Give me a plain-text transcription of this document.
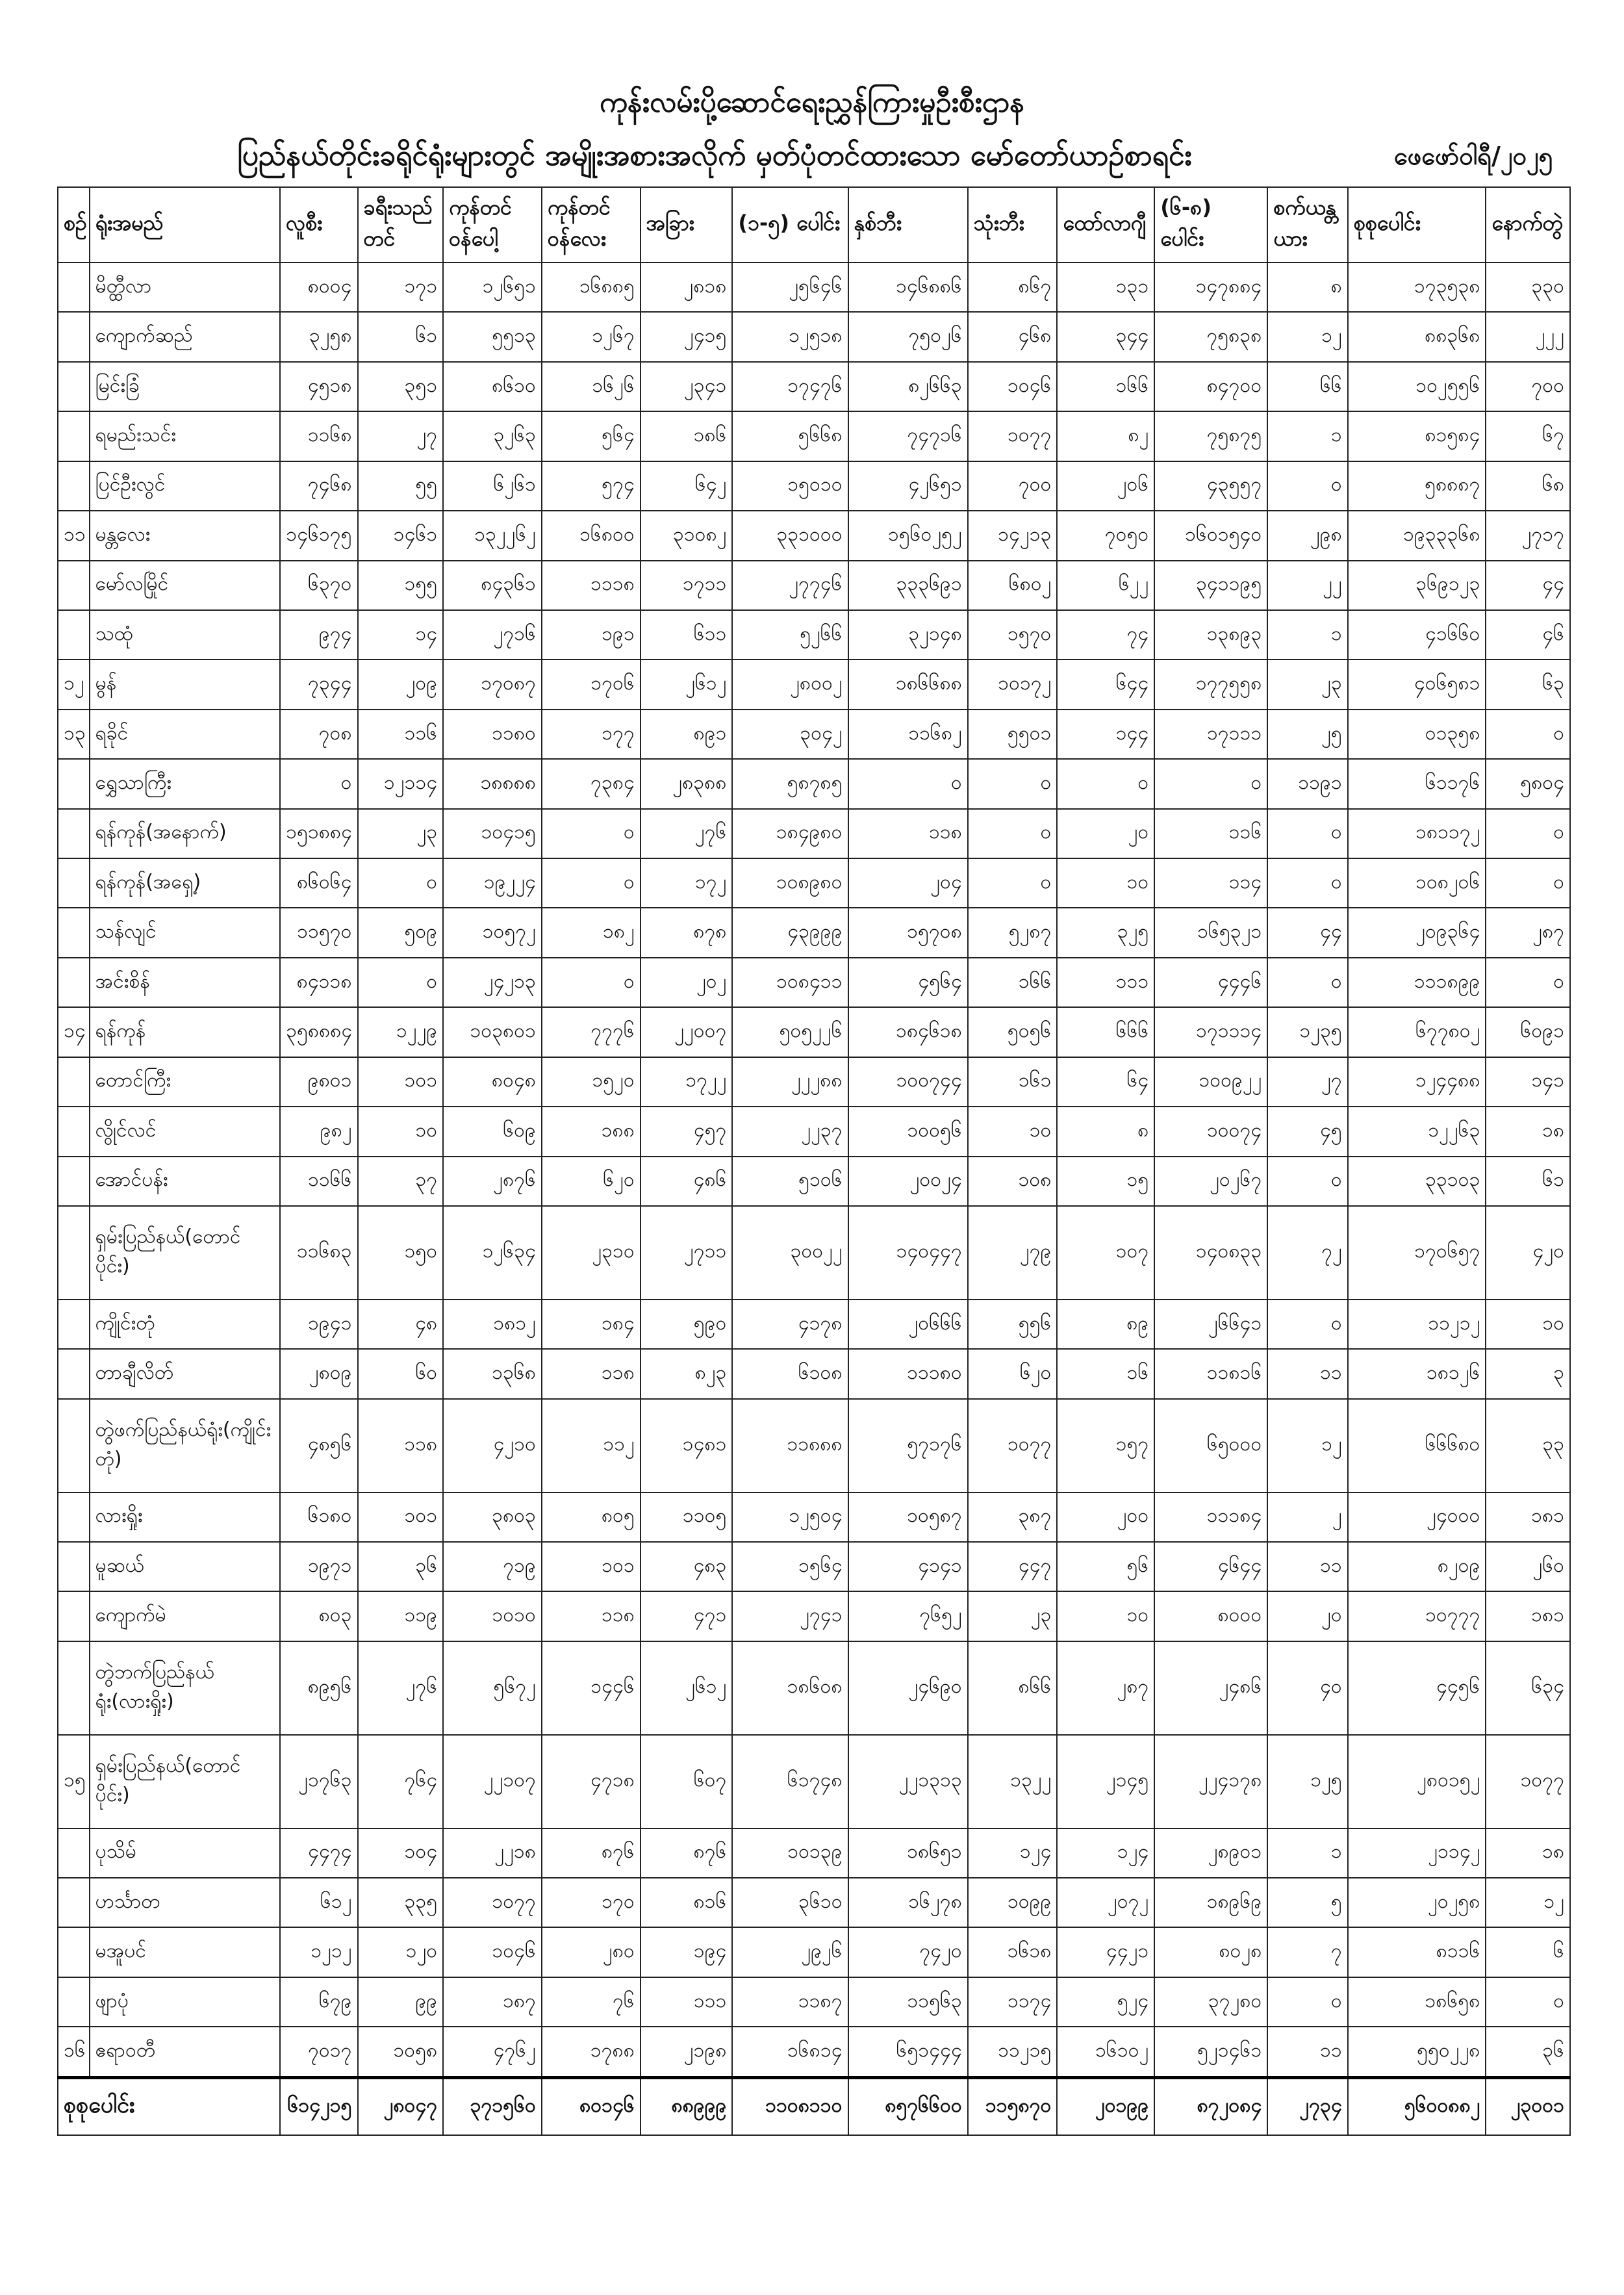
ကုန်းလမ်းပို့ဆောင်ရေးညွှန်ကြားမှုဦးစီးဌာန
ပြည်နယ်တိုင်းခရိုင်ရုံးများတွင် အမျိုးအစားအလိုက် မှတ်ပုံတင်ထားသော မော်တော်ယာဉ်စာရင်း	ဖေဖော်ဝါရီ/၂၀၂၅
စဉ်	ရုံးအမည်	လူစီး	ခရီးသည်တင်	ကုန်တင်ဝန်ပေါ့	ကုန်တင်ဝန်လေး	အခြား	(၁-၅) ပေါင်း	နှစ်ဘီး	သုံးဘီး	ထော်လာဂျီ	(၆-၈) ပေါင်း	စက်ယန္တယား	စုစုပေါင်း	နောက်တွဲ
	မိတ္ထီလာ	၈၀၀၄	၁၇၁	၁၂၆၅၁	၁၆၈၈၅	၂၈၁၈	၂၅၆၄၆	၁၄၆၈၈၆	၈၆၇	၁၃၁	၁၄၇၈၈၄	၈	၁၇၃၅၃၈	၃၃၀
	ကျောက်ဆည်	၃၂၅၈	၆၁	၅၅၁၃	၁၂၆၇	၂၄၁၅	၁၂၅၁၈	၇၅၀၂၆	၄၆၈	၃၄၄	၇၅၈၃၈	၁၂	၈၈၃၆၈	၂၂၂
	မြင်းခြံ	၄၅၁၈	၃၅၁	၈၆၁၀	၁၆၂၆	၂၃၄၁	၁၇၄၇၆	၈၂၆၆၃	၁၀၄၆	၁၆၆	၈၄၇၀၀	၆၆	၁၀၂၅၅၆	၇၀၀
	ရမည်းသင်း	၁၁၆၈	၂၇	၃၂၆၃	၅၆၄	၁၈၆	၅၆၆၈	၇၄၇၁၆	၁၀၇၇	၈၂	၇၅၈၇၅	၁	၈၁၅၈၄	၆၇
	ပြင်ဦးလွင်	၇၄၆၈	၅၅	၆၂၆၁	၅၇၄	၆၄၂	၁၅၀၁၀	၄၂၆၅၁	၇၀၀	၂၀၆	၄၃၅၅၇	၀	၅၈၈၈၇	၆၈
၁၁	မန္တလေး	၁၄၆၁၇၅	၁၄၆၁	၁၃၂၂၆၂	၁၆၈၀၀	၃၁၀၈၂	၃၃၁၀၀၀	၁၅၆၀၂၅၂	၁၄၂၁၃	၇၀၅၀	၁၆၀၁၅၄၀	၂၉၈	၁၉၃၃၃၆၈	၂၇၁၇
	မော်လမြိုင်	၆၃၇၀	၁၅၅	၈၄၃၆၁	၁၁၁၈	၁၇၁၁	၂၇၇၄၆	၃၃၃၆၉၁	၆၈၀၂	၆၂၂	၃၄၁၁၉၅	၂၂	၃၆၉၁၂၃	၄၄
	သထုံ	၉၇၄	၁၄	၂၇၁၆	၁၉၁	၆၁၁	၅၂၆၆	၃၂၁၄၈	၁၅၇၀	၇၄	၁၃၈၉၃	၁	၄၁၆၆၀	၄၆
၁၂	မွန်	၇၃၄၄	၂၀၉	၁၇၀၈၇	၁၇၀၆	၂၆၁၂	၂၈၀၀၂	၁၈၆၆၈၈	၁၀၁၇၂	၆၄၄	၁၇၇၅၅၈	၂၃	၄၀၆၅၈၁	၆၃
၁၃	ရခိုင်	၇၀၈	၁၁၆	၁၁၈၀	၁၇၇	၈၉၁	၃၀၄၂	၁၁၆၈၂	၅၅၀၁	၁၄၄	၁၇၁၁၁	၂၅	၀၁၃၅၈	၀
	ရွှေသာကြီး	၀	၁၂၁၁၄	၁၈၈၈၈	၇၃၈၄	၂၈၃၈၈	၅၈၇၈၅	၀	၀	၀	၀	၁၁၉၁	၆၁၁၇၆	၅၈၀၄
	ရန်ကုန်(အနောက်)	၁၅၁၈၈၄	၂၃	၁၀၄၁၅	၀	၂၇၆	၁၈၄၉၈၀	၁၁၈	၀	၂၀	၁၁၆	၀	၁၈၁၁၇၂	၀
	ရန်ကုန်(အရှေ့)	၈၆၀၆၄	၀	၁၉၂၂၄	၀	၁၇၂	၁၀၈၉၈၀	၂၀၄	၀	၁၀	၁၁၄	၀	၁၀၈၂၀၆	၀
	သန်လျင်	၁၁၅၇၀	၅၀၉	၁၀၅၇၂	၁၈၂	၈၇၈	၄၃၉၉၉	၁၅၇၀၈	၅၂၈၇	၃၂၅	၁၆၅၃၂၁	၄၄	၂၀၉၃၆၄	၂၈၇
	အင်းစိန်	၈၄၁၁၈	၀	၂၄၂၁၃	၀	၂၀၂	၁၀၈၄၁၁	၄၅၆၄	၁၆၆	၁၁၁	၄၄၄၆	၀	၁၁၁၈၉၉	၀
၁၄	ရန်ကုန်	၃၅၈၈၈၄	၁၂၂၉	၁၀၃၈၀၁	၇၇၇၆	၂၂၀၀၇	၅၀၅၂၂၆	၁၈၄၆၁၈	၅၀၅၆	၆၆၆	၁၇၁၁၁၄	၁၂၃၅	၆၇၇၈၀၂	၆၀၉၁
	တောင်ကြီး	၉၈၀၁	၁၀၁	၈၀၄၈	၁၅၂၀	၁၇၂၂	၂၂၂၈၈	၁၀၀၇၄၄	၁၆၁	၆၄	၁၀၀၉၂၂	၂၇	၁၂၄၄၈၈	၁၄၁
	လွိုင်လင်	၉၈၂	၁၀	၆၀၉	၁၈၈	၄၅၇	၂၂၃၇	၁၀၀၅၆	၁၀	၈	၁၀၀၇၄	၄၅	၁၂၂၆၃	၁၈
	အောင်ပန်း	၁၁၆၆	၃၇	၂၈၇၆	၆၂၀	၄၈၆	၅၁၀၆	၂၀၀၂၄	၁၀၈	၁၅	၂၀၂၆၇	၀	၃၃၁၀၃	၆၁
	ရှမ်းပြည်နယ်(တောင်ပိုင်း)	၁၁၆၈၃	၁၅၀	၁၂၆၃၄	၂၃၁၀	၂၇၁၁	၃၀၀၂၂	၁၄၀၄၄၇	၂၇၉	၁၀၇	၁၄၀၈၃၃	၇၂	၁၇၀၆၅၇	၄၂၀
	ကျိုင်းတုံ	၁၉၄၁	၄၈	၁၈၁၂	၁၈၄	၅၉၀	၄၁၇၈	၂၀၆၆၆	၅၅၆	၈၉	၂၆၆၄၁	၀	၁၁၂၁၂	၁၀
	တာချီလိတ်	၂၈၀၉	၆၀	၁၃၆၈	၁၁၈	၈၂၃	၆၁၀၈	၁၁၁၈၀	၆၂၀	၁၆	၁၁၈၁၆	၁၁	၁၈၁၂၆	၃
	တွဲဖက်ပြည်နယ်ရုံး(ကျိုင်းတုံ)	၄၈၅၆	၁၁၈	၄၂၁၀	၁၁၂	၁၄၈၁	၁၁၈၈၈	၅၇၁၇၆	၁၀၇၇	၁၅၇	၆၅၀၀၀	၁၂	၆၆၆၈၀	၃၃
	လားရှိုး	၆၁၈၀	၁၀၁	၃၈၀၃	၈၀၅	၁၁၀၅	၁၂၅၀၄	၁၀၅၈၇	၃၈၇	၂၀၀	၁၁၁၈၄	၂	၂၄၀၀၀	၁၈၁
	မူဆယ်	၁၉၇၁	၃၆	၇၁၉	၁၀၁	၄၈၃	၁၅၆၄	၄၁၄၁	၄၄၇	၅၆	၄၆၄၄	၁၁	၈၂၀၉	၂၆၀
	ကျောက်မဲ	၈၀၃	၁၁၉	၁၀၁၀	၁၁၈	၄၇၁	၂၇၄၁	၇၆၅၂	၂၃	၁၀	၈၀၀၀	၂၀	၁၀၇၇၇	၁၈၁
	တွဲဘက်ပြည်နယ်ရုံး(လားရှိုး)	၈၉၅၆	၂၇၆	၅၆၇၂	၁၄၄၆	၂၆၁၂	၁၈၆၀၈	၂၄၆၉၀	၈၆၆	၂၈၇	၂၄၈၆	၄၀	၄၄၅၆	၆၃၄
၁၅	ရှမ်းပြည်နယ်(တောင်ပိုင်း)	၂၁၇၆၃	၇၆၄	၂၂၁၀၇	၄၇၁၈	၆၀၇	၆၁၇၄၈	၂၂၁၃၁၃	၁၃၂၂	၂၁၄၅	၂၂၄၁၇၈	၁၂၅	၂၈၀၁၅၂	၁၀၇၇
	ပုသိမ်	၄၄၇၄	၁၀၄	၂၂၁၈	၈၇၆	၈၇၆	၁၀၁၃၉	၁၈၆၅၁	၁၂၄	၁၂၄	၂၈၉၀၁	၁	၂၁၁၄၂	၁၈
	ဟင်္သာတ	၆၁၂	၃၃၅	၁၀၇၇	၁၇၀	၈၁၆	၃၆၁၀	၁၆၂၇၈	၁၀၉၉	၂၀၇၂	၁၈၉၆၉	၅	၂၀၂၅၈	၁၂
	မအူပင်	၁၂၁၂	၁၂၀	၁၀၄၆	၂၈၀	၁၉၄	၂၉၂၆	၇၄၂၀	၁၆၁၈	၄၄၂၁	၈၀၂၈	၇	၈၁၁၆	၆
	ဖျာပုံ	၆၇၉	၉၉	၁၈၇	၇၆	၁၁၁	၁၁၈၇	၁၁၅၆၃	၁၁၇၄	၅၂၄	၃၇၂၈၀	၀	၁၈၆၅၈	၀
၁၆	ဧရာဝတီ	၇၀၁၇	၁၀၅၈	၄၇၆၂	၁၇၈၈	၂၁၉၈	၁၆၈၁၄	၆၅၁၄၄၄	၁၁၂၁၅	၁၆၁၀၂	၅၂၁၄၆၁	၁၁	၅၅၀၂၂၈	၃၆
စုစုပေါင်း		၆၁၄၂၁၅	၂၈၀၄၇	၃၇၁၅၆၀	၈၀၁၄၆	၈၈၉၉၉	၁၁၀၈၁၁၀	၈၅၇၆၆၀၀	၁၁၅၈၇၀	၂၀၁၉၉	၈၇၂၀၈၄	၂၇၃၄	၅၆၀၀၈၈၂	၂၃၀၀၁
